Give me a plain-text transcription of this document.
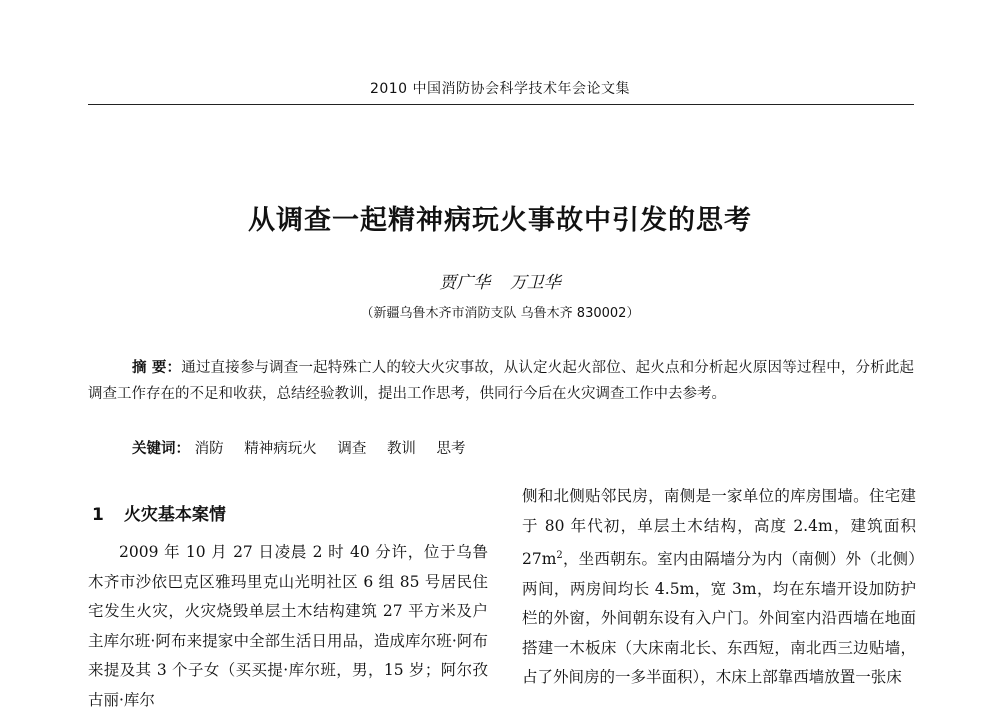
2010 中国消防协会科学技术年会论文集
从调查一起精神病玩火事故中引发的思考
贾广华 万卫华
（新疆乌鲁木齐市消防支队 乌鲁木齐 830002）
摘 要：通过直接参与调查一起特殊亡人的较大火灾事故，从认定火起火部位、起火点和分析起火原因等过程中，分析此起调查工作存在的不足和收获，总结经验教训，提出工作思考，供同行今后在火灾调查工作中去参考。
关键词： 消防 精神病玩火 调查 教训 思考
1 火灾基本案情
2009 年 10 月 27 日凌晨 2 时 40 分许，位于乌鲁木齐市沙依巴克区雅玛里克山光明社区 6 组 85 号居民住宅发生火灾，火灾烧毁单层土木结构建筑 27 平方米及户主库尔班·阿布来提家中全部生活日用品，造成库尔班·阿布来提及其 3 个子女（买买提·库尔班，男，15 岁；阿尔孜古丽·库尔
侧和北侧贴邻民房，南侧是一家单位的库房围墙。住宅建于 80 年代初，单层土木结构，高度 2.4m，建筑面积 $27m^2$，坐西朝东。室内由隔墙分为内（南侧）外（北侧）两间，两房间均长 4.5m，宽 3m，均在东墙开设加防护栏的外窗，外间朝东设有入户门。外间室内沿西墙在地面搭建一木板床（大床南北长、东西短，南北西三边贴墙，占了外间房的一多半面积），木床上部靠西墙放置一张床
